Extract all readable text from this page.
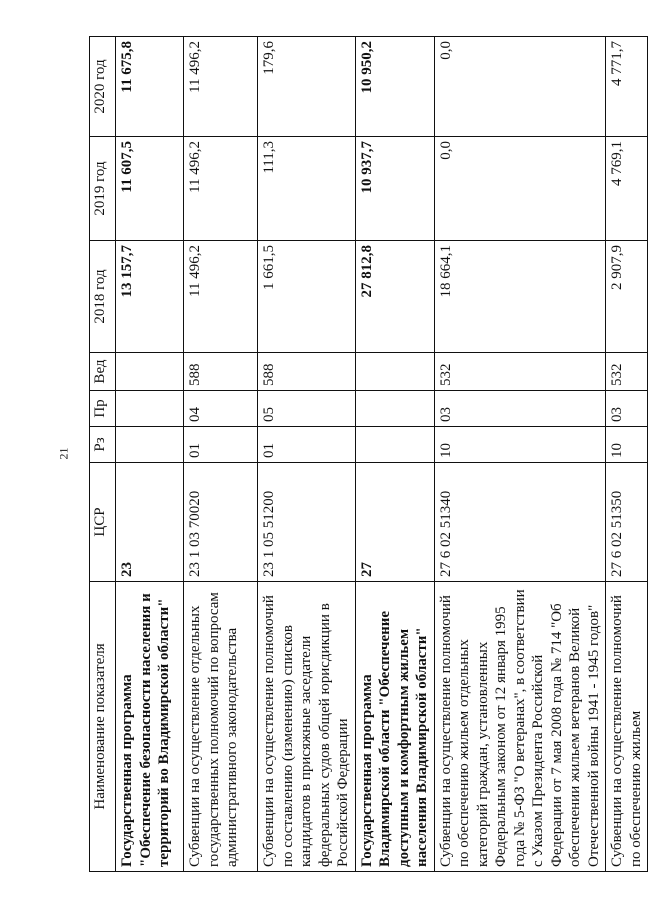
21
Наименование показателя	ЦСР	Рз	Пр	Вед	2018 год	2019 год	2020 год
Государственная программа "Обеспечение безопасности населения и территорий во Владимирской области"	23				13 157,7	11 607,5	11 675,8
Субвенции на осуществление отдельных государственных полномочий по вопросам административного законодательства	23 1 03 70020	01	04	588	11 496,2	11 496,2	11 496,2
Субвенции на осуществление полномочий по составлению (изменению) списков кандидатов в присяжные заседатели федеральных судов общей юрисдикции в Российской Федерации	23 1 05 51200	01	05	588	1 661,5	111,3	179,6
Государственная программа Владимирской области "Обеспечение доступным и комфортным жильем населения Владимирской области"	27				27 812,8	10 937,7	10 950,2
Субвенции на осуществление полномочий по обеспечению жильем отдельных категорий граждан, установленных Федеральным законом от 12 января 1995 года № 5-ФЗ "О ветеранах", в соответствии с Указом Президента Российской Федерации от 7 мая 2008 года № 714 "Об обеспечении жильем ветеранов Великой Отечественной войны 1941 - 1945 годов"	27 6 02 51340	10	03	532	18 664,1	0,0	0,0
Субвенции на осуществление полномочий по обеспечению жильем	27 6 02 51350	10	03	532	2 907,9	4 769,1	4 771,7
